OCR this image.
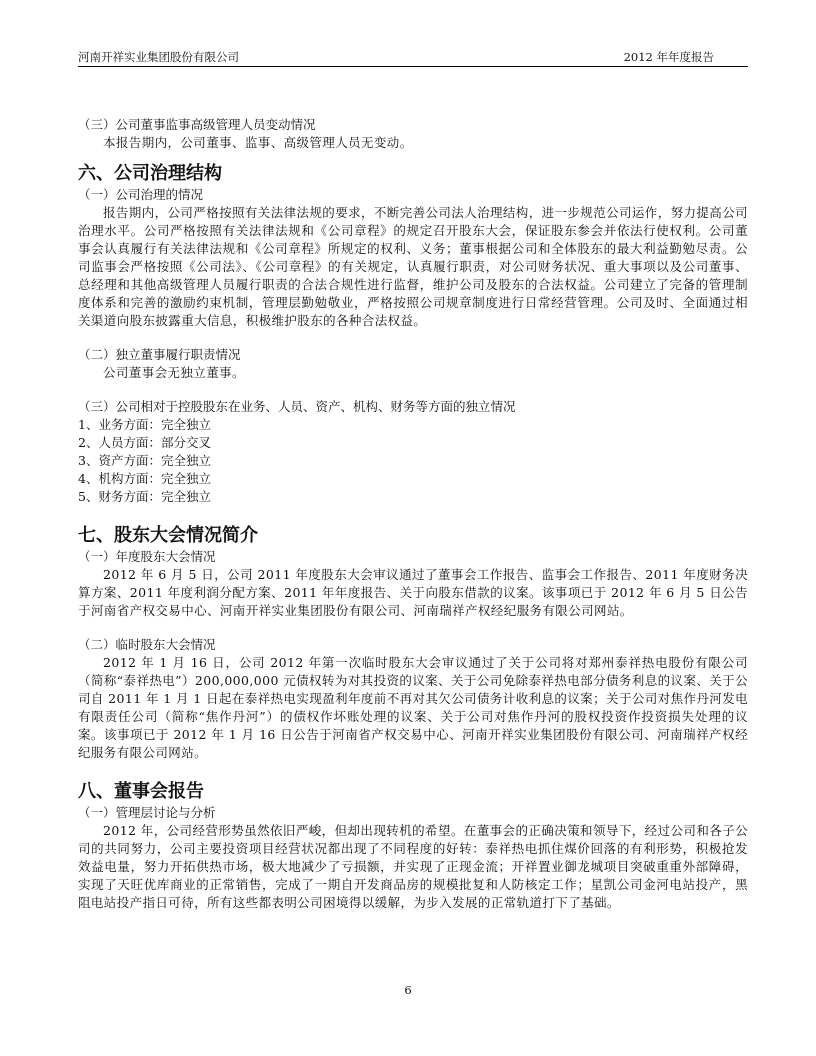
河南开祥实业集团股份有限公司	2012 年年度报告

（三）公司董事监事高级管理人员变动情况

本报告期内，公司董事、监事、高级管理人员无变动。

六、公司治理结构

（一）公司治理的情况

报告期内，公司严格按照有关法律法规的要求，不断完善公司法人治理结构，进一步规范公司运作，努力提高公司治理水平。公司严格按照有关法律法规和《公司章程》的规定召开股东大会，保证股东参会并依法行使权利。公司董事会认真履行有关法律法规和《公司章程》所规定的权利、义务；董事根据公司和全体股东的最大利益勤勉尽责。公司监事会严格按照《公司法》、《公司章程》的有关规定，认真履行职责，对公司财务状况、重大事项以及公司董事、总经理和其他高级管理人员履行职责的合法合规性进行监督，维护公司及股东的合法权益。公司建立了完备的管理制度体系和完善的激励约束机制，管理层勤勉敬业，严格按照公司规章制度进行日常经营管理。公司及时、全面通过相关渠道向股东披露重大信息，积极维护股东的各种合法权益。

（二）独立董事履行职责情况

公司董事会无独立董事。

（三）公司相对于控股股东在业务、人员、资产、机构、财务等方面的独立情况

1、业务方面：完全独立

2、人员方面：部分交叉

3、资产方面：完全独立

4、机构方面：完全独立

5、财务方面：完全独立

七、股东大会情况简介

（一）年度股东大会情况

2012 年 6 月 5 日，公司 2011 年度股东大会审议通过了董事会工作报告、监事会工作报告、2011 年度财务决算方案、2011 年度利润分配方案、2011 年年度报告、关于向股东借款的议案。该事项已于 2012 年 6 月 5 日公告于河南省产权交易中心、河南开祥实业集团股份有限公司、河南瑞祥产权经纪服务有限公司网站。

（二）临时股东大会情况

2012 年 1 月 16 日，公司 2012 年第一次临时股东大会审议通过了关于公司将对郑州泰祥热电股份有限公司（简称“泰祥热电”）200,000,000 元债权转为对其投资的议案、关于公司免除泰祥热电部分债务利息的议案、关于公司自 2011 年 1 月 1 日起在泰祥热电实现盈利年度前不再对其欠公司债务计收利息的议案；关于公司对焦作丹河发电有限责任公司（简称“焦作丹河”）的债权作坏账处理的议案、关于公司对焦作丹河的股权投资作投资损失处理的议案。该事项已于 2012 年 1 月 16 日公告于河南省产权交易中心、河南开祥实业集团股份有限公司、河南瑞祥产权经纪服务有限公司网站。

八、董事会报告

（一）管理层讨论与分析

2012 年，公司经营形势虽然依旧严峻，但却出现转机的希望。在董事会的正确决策和领导下，经过公司和各子公司的共同努力，公司主要投资项目经营状况都出现了不同程度的好转：泰祥热电抓住煤价回落的有利形势，积极抢发效益电量，努力开拓供热市场，极大地减少了亏损额，并实现了正现金流；开祥置业御龙城项目突破重重外部障碍，实现了天旺优库商业的正常销售，完成了一期自开发商品房的规模批复和人防核定工作；星凯公司金河电站投产，黑阻电站投产指日可待，所有这些都表明公司困境得以缓解，为步入发展的正常轨道打下了基础。

6
